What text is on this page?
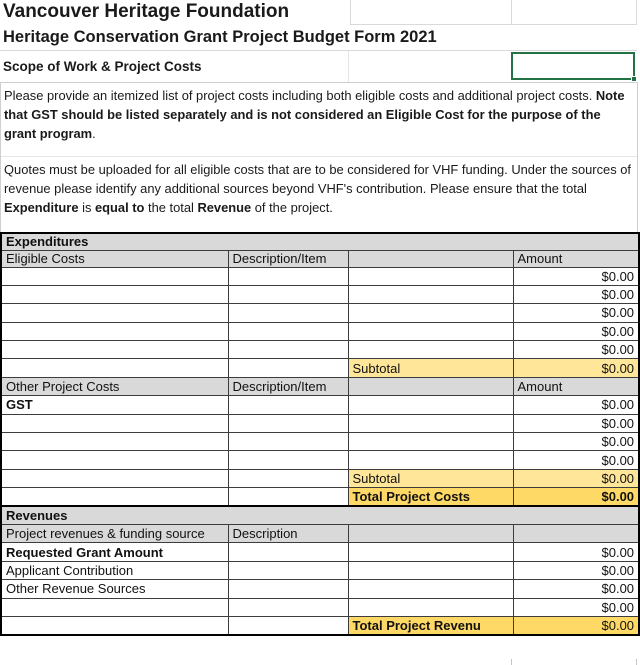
Vancouver Heritage Foundation
Heritage Conservation Grant Project Budget Form 2021
Scope of Work & Project Costs

Please provide an itemized list of project costs including both eligible costs and additional project costs. Note that GST should be listed separately and is not considered an Eligible Cost for the purpose of the grant program.

Quotes must be uploaded for all eligible costs that are to be considered for VHF funding. Under the sources of revenue please identify any additional sources beyond VHF's contribution. Please ensure that the total Expenditure is equal to the total Revenue of the project.

Expenditures			
Eligible Costs	Description/Item		Amount
			$0.00
			$0.00
			$0.00
			$0.00
			$0.00
		Subtotal	$0.00
Other Project Costs	Description/Item		Amount
GST			$0.00
			$0.00
			$0.00
			$0.00
		Subtotal	$0.00
		Total Project Costs	$0.00
Revenues			
Project revenues & funding source	Description		
Requested Grant Amount			$0.00
Applicant Contribution			$0.00
Other Revenue Sources			$0.00
			$0.00
		Total Project Revenu	$0.00
